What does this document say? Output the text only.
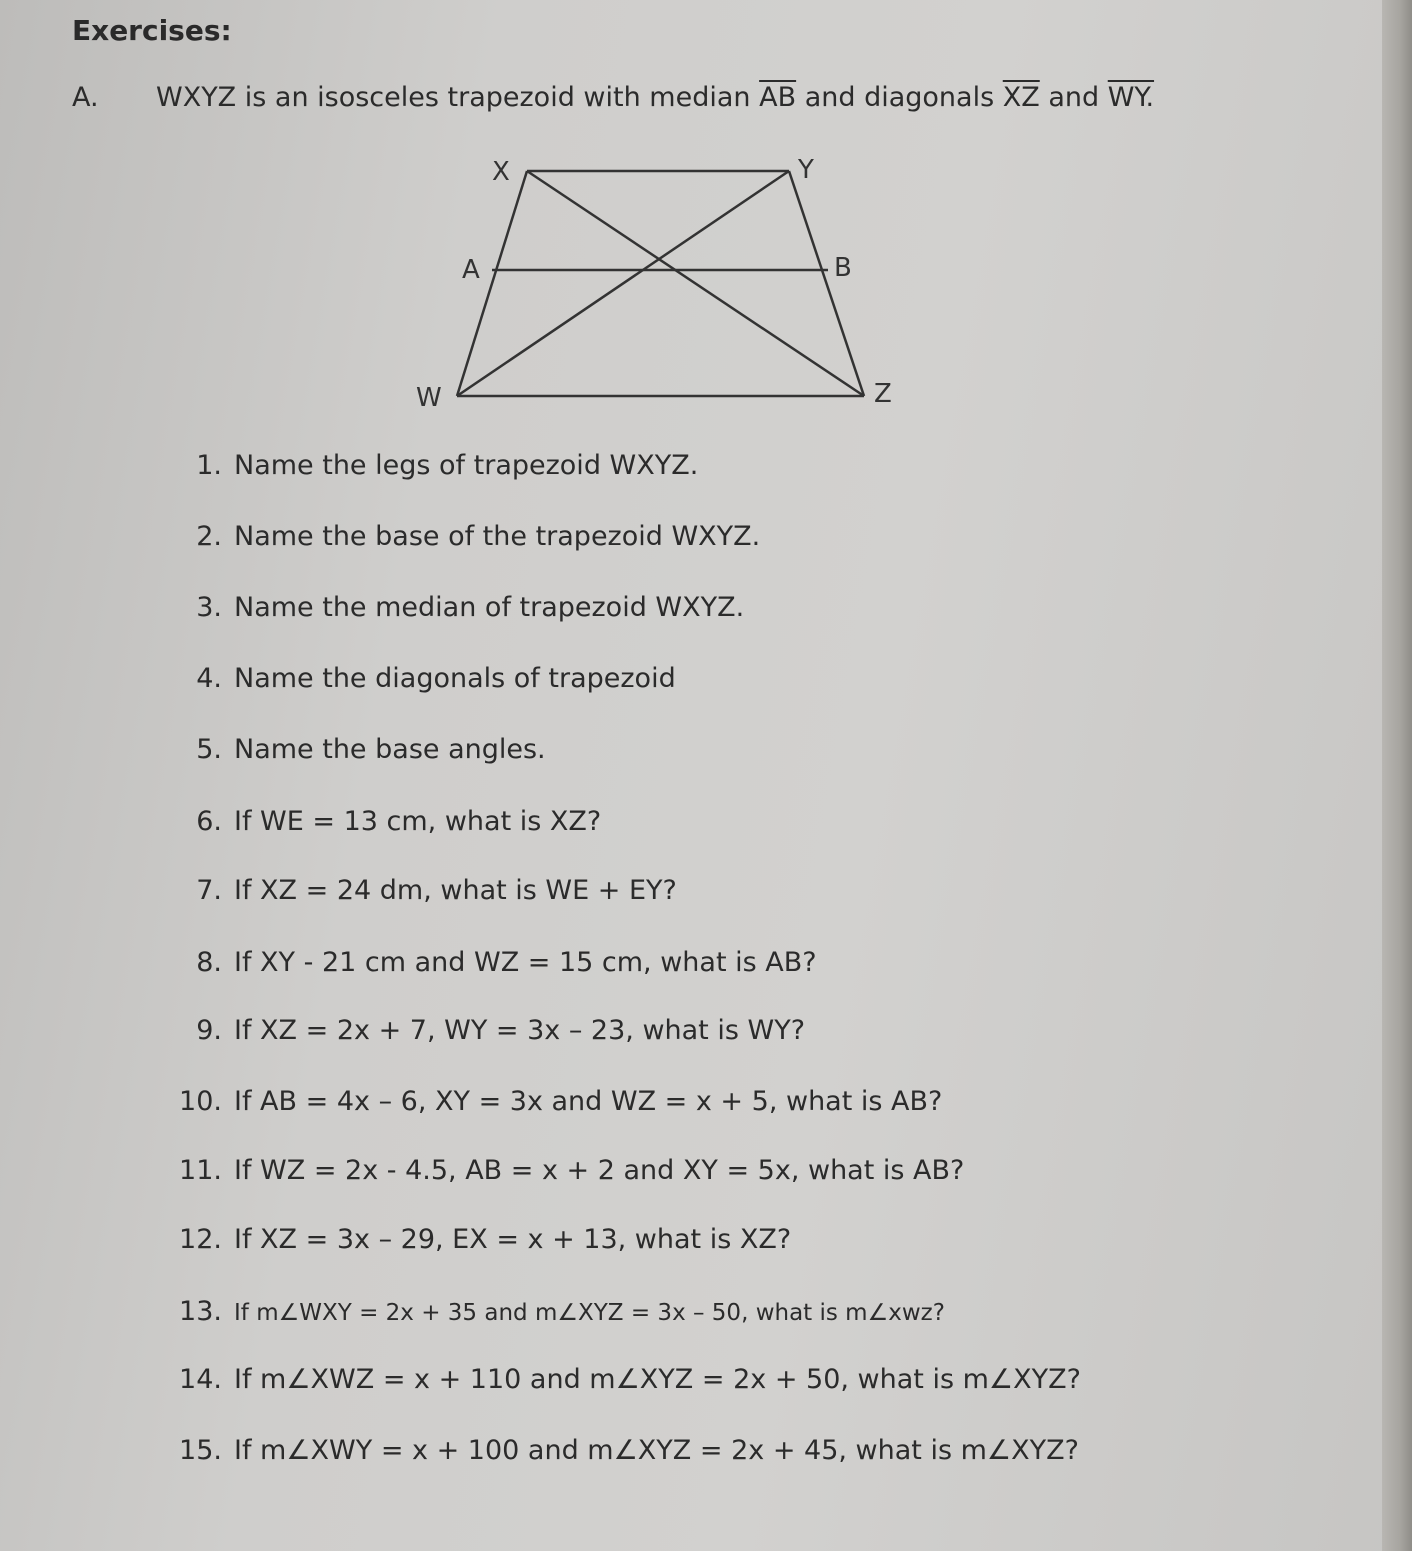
Exercises:
A. WXYZ is an isosceles trapezoid with median $\overline{AB}$ and diagonals $\overline{XZ}$ and WY.
X	Y
A	B
W	Z
1. Name the legs of trapezoid WXYZ.
2. Name the base of the trapezoid WXYZ.
3. Name the median of trapezoid WXYZ.
4. Name the diagonals of trapezoid
5. Name the base angles.
6. If WE = 13 cm, what is XZ?
7. If XZ = 24 dm, what is WE + EY?
8. If XY - 21 cm and WZ = 15 cm, what is AB?
9. If XZ = 2x + 7, WY = 3x – 23, what is WY?
10. If AB = 4x – 6, XY = 3x and WZ = x + 5, what is AB?
11. If WZ = 2x - 4.5, AB = x + 2 and XY = 5x, what is AB?
12. If XZ = 3x – 29, EX = x + 13, what is XZ?
13. If m∠WXY = 2x + 35 and m∠XYZ = 3x – 50, what is m∠xwz?
14. If m∠XWZ = x + 110 and m∠XYZ = 2x + 50, what is m∠XYZ?
15. If m∠XWY = x + 100 and m∠XYZ = 2x + 45, what is m∠XYZ?
